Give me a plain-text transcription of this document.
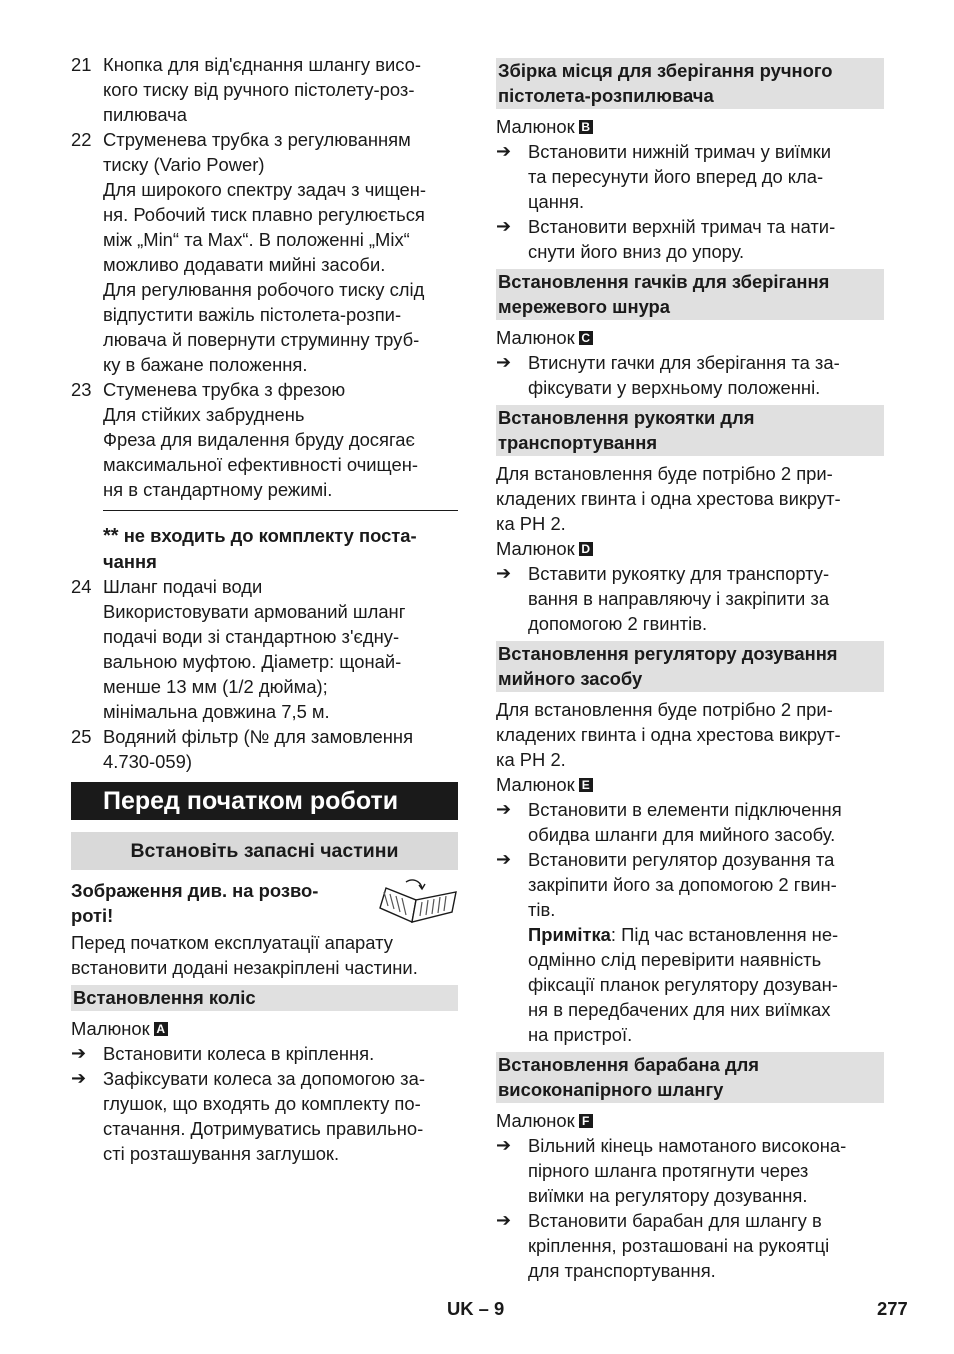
21 Кнопка для від'єднання шлангу висо-

кого тиску від ручного пістолету-роз-

пилювача

22 Струменева трубка з регулюванням

тиску (Vario Power)

Для широкого спектру задач з чищен-

ня. Робочий тиск плавно регулюється

між „Min“ та Max“. В положенні „Mix“

можливо додавати мийні засоби.

Для регулювання робочого тиску слід

відпустити важіль пістолета-розпи-

лювача й повернути струминну труб-

ку в бажане положення.

23 Стуменева трубка з фрезою

Для стійких забруднень

Фреза для видалення бруду досягає

максимальної ефективності очищен-

ня в стандартному режимі.

** не входить до комплекту поста-

чання

24 Шланг подачі води

Використовувати армований шланг

подачі води зі стандартною з'єдну-

вальною муфтою. Діаметр: щонай-

менше 13 мм (1/2 дюйма);

мінімальна довжина 7,5 м.

25 Водяний фільтр (№ для замовлення

4.730-059)

Перед початком роботи
Встановіть запасні частини

Зображення див. на розво-

роті!

Перед початком експлуатації апарату

встановити додані незакріплені частини.

Встановлення коліс
Малюнок A
➔ Встановити колеса в кріплення.

➔ Зафіксувати колеса за допомогою за-

глушок, що входять до комплекту по-

стачання. Дотримуватись правильно-

сті розташування заглушок.

Збірка місця для зберігання ручного

пістолета-розпилювача

Малюнок B
➔ Встановити нижній тримач у виїмки

та пересунути його вперед до кла-

цання.

➔ Встановити верхній тримач та нати-

снути його вниз до упору.

Встановлення гачків для зберігання

мережевого шнура

Малюнок C
➔ Втиснути гачки для зберігання та за-

фіксувати у верхньому положенні.

Встановлення рукоятки для

транспортування

Для встановлення буде потрібно 2 при-

кладених гвинта і одна хрестова викрут-

ка PH 2.

Малюнок D
➔ Вставити рукоятку для транспорту-

вання в направляючу і закріпити за

допомогою 2 гвинтів.

Встановлення регулятору дозування

мийного засобу

Для встановлення буде потрібно 2 при-

кладених гвинта і одна хрестова викрут-

ка PH 2.

Малюнок E
➔ Встановити в елементи підключення

обидва шланги для мийного засобу.

➔ Встановити регулятор дозування та

закріпити його за допомогою 2 гвин-

тів.

Примітка: Під час встановлення не-

одмінно слід перевірити наявність

фіксації планок регулятору дозуван-

ня в передбачених для них виїмках

на пристрої.

Встановлення барабана для

високонапірного шлангу

Малюнок F
➔ Вільний кінець намотаного високона-

пірного шланга протягнути через

виїмки на регулятору дозування.

➔ Встановити барабан для шлангу в

кріплення, розташовані на рукоятці

для транспортування.

UK – 9	277
